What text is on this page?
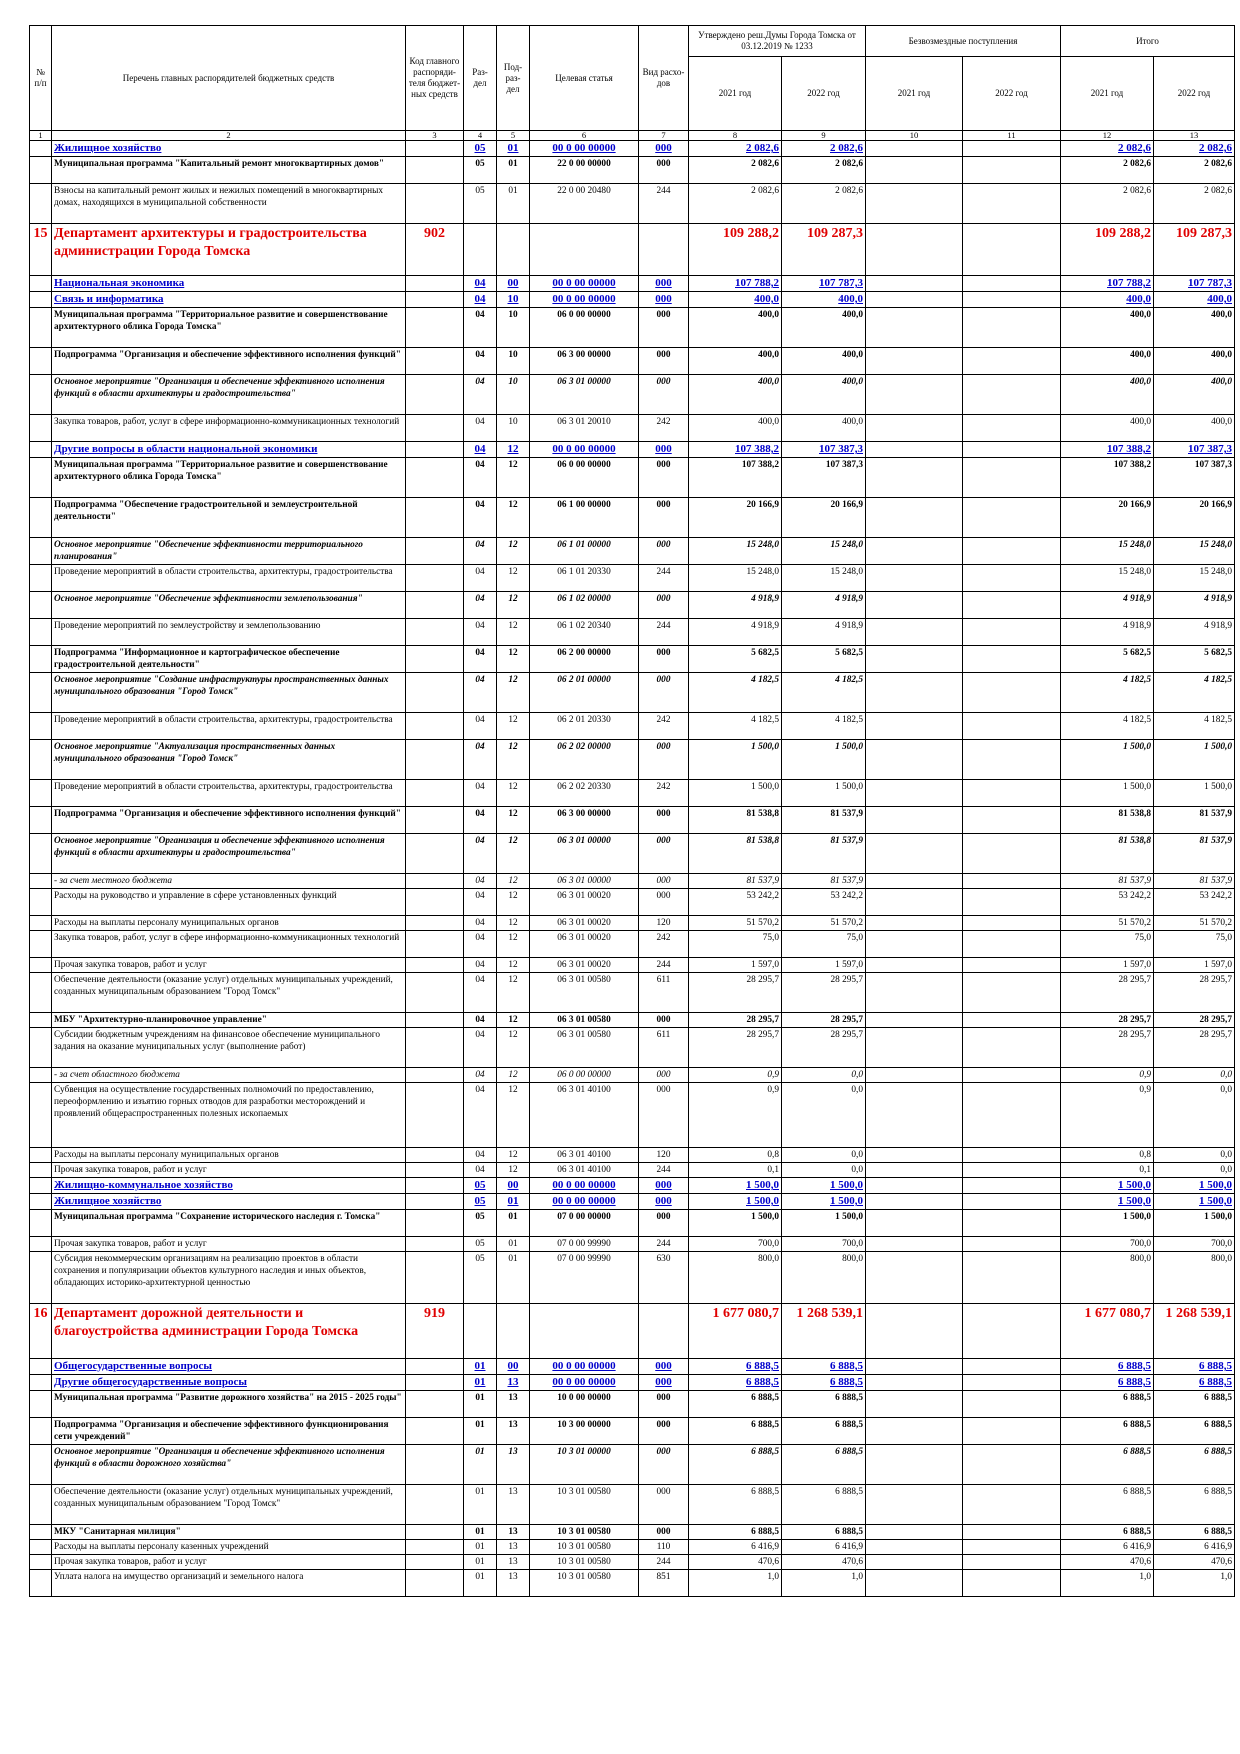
№ п/п	Перечень главных распорядителей бюджетных средств	Код главного распоряди-теля бюджет-ных средств	Раз-дел	Под-раз-дел	Целевая статья	Вид расхо-дов	Утверждено реш.Думы Города Томска от 03.12.2019 № 1233		Безвозмездные поступления		Итого	
							2021 год	2022 год	2021 год	2022 год	2021 год	2022 год
1	2	3	4	5	6	7	8	9	10	11	12	13
	Жилищное хозяйство		05	01	00 0 00 00000	000	2 082,6	2 082,6			2 082,6	2 082,6
	Муниципальная программа "Капитальный ремонт многоквартирных домов"		05	01	22 0 00 00000	000	2 082,6	2 082,6			2 082,6	2 082,6
	Взносы на капитальный ремонт жилых и нежилых помещений в многоквартирных домах, находящихся в муниципальной собственности		05	01	22 0 00 20480	244	2 082,6	2 082,6			2 082,6	2 082,6
15	Департамент архитектуры и градостроительства администрации Города Томска	902					109 288,2	109 287,3			109 288,2	109 287,3
	Национальная экономика		04	00	00 0 00 00000	000	107 788,2	107 787,3			107 788,2	107 787,3
	Связь и информатика		04	10	00 0 00 00000	000	400,0	400,0			400,0	400,0
	Муниципальная программа "Территориальное развитие и совершенствование архитектурного облика Города Томска"		04	10	06 0 00 00000	000	400,0	400,0			400,0	400,0
	Подпрограмма "Организация и обеспечение эффективного исполнения функций"		04	10	06 3 00 00000	000	400,0	400,0			400,0	400,0
	Основное мероприятие "Организация и обеспечение эффективного исполнения функций в области архитектуры и градостроительства"		04	10	06 3 01 00000	000	400,0	400,0			400,0	400,0
	Закупка товаров, работ, услуг в сфере информационно-коммуникационных технологий		04	10	06 3 01 20010	242	400,0	400,0			400,0	400,0
	Другие вопросы в области национальной экономики		04	12	00 0 00 00000	000	107 388,2	107 387,3			107 388,2	107 387,3
	Муниципальная программа "Территориальное развитие и совершенствование архитектурного облика Города Томска"		04	12	06 0 00 00000	000	107 388,2	107 387,3			107 388,2	107 387,3
	Подпрограмма "Обеспечение градостроительной и землеустроительной деятельности"		04	12	06 1 00 00000	000	20 166,9	20 166,9			20 166,9	20 166,9
	Основное мероприятие "Обеспечение эффективности территориального планирования"		04	12	06 1 01 00000	000	15 248,0	15 248,0			15 248,0	15 248,0
	Проведение мероприятий в области строительства, архитектуры, градостроительства		04	12	06 1 01 20330	244	15 248,0	15 248,0			15 248,0	15 248,0
	Основное мероприятие "Обеспечение эффективности землепользования"		04	12	06 1 02 00000	000	4 918,9	4 918,9			4 918,9	4 918,9
	Проведение мероприятий по землеустройству и землепользованию		04	12	06 1 02 20340	244	4 918,9	4 918,9			4 918,9	4 918,9
	Подпрограмма "Информационное и картографическое обеспечение градостроительной деятельности"		04	12	06 2 00 00000	000	5 682,5	5 682,5			5 682,5	5 682,5
	Основное мероприятие "Создание инфраструктуры пространственных данных муниципального образования "Город Томск"		04	12	06 2 01 00000	000	4 182,5	4 182,5			4 182,5	4 182,5
	Проведение мероприятий в области строительства, архитектуры, градостроительства		04	12	06 2 01 20330	242	4 182,5	4 182,5			4 182,5	4 182,5
	Основное мероприятие "Актуализация пространственных данных муниципального образования "Город Томск"		04	12	06 2 02 00000	000	1 500,0	1 500,0			1 500,0	1 500,0
	Проведение мероприятий в области строительства, архитектуры, градостроительства		04	12	06 2 02 20330	242	1 500,0	1 500,0			1 500,0	1 500,0
	Подпрограмма "Организация и обеспечение эффективного исполнения функций"		04	12	06 3 00 00000	000	81 538,8	81 537,9			81 538,8	81 537,9
	Основное мероприятие "Организация и обеспечение эффективного исполнения функций в области архитектуры и градостроительства"		04	12	06 3 01 00000	000	81 538,8	81 537,9			81 538,8	81 537,9
	- за счет местного бюджета		04	12	06 3 01 00000	000	81 537,9	81 537,9			81 537,9	81 537,9
	Расходы на руководство и управление в сфере установленных функций		04	12	06 3 01 00020	000	53 242,2	53 242,2			53 242,2	53 242,2
	Расходы на выплаты персоналу муниципальных органов		04	12	06 3 01 00020	120	51 570,2	51 570,2			51 570,2	51 570,2
	Закупка товаров, работ, услуг в сфере информационно-коммуникационных технологий		04	12	06 3 01 00020	242	75,0	75,0			75,0	75,0
	Прочая закупка товаров, работ и услуг		04	12	06 3 01 00020	244	1 597,0	1 597,0			1 597,0	1 597,0
	Обеспечение деятельности (оказание услуг) отдельных муниципальных учреждений, созданных муниципальным образованием "Город Томск"		04	12	06 3 01 00580	611	28 295,7	28 295,7			28 295,7	28 295,7
	МБУ "Архитектурно-планировочное управление"		04	12	06 3 01 00580	000	28 295,7	28 295,7			28 295,7	28 295,7
	Субсидии бюджетным учреждениям на финансовое обеспечение муниципального задания на оказание муниципальных услуг (выполнение работ)		04	12	06 3 01 00580	611	28 295,7	28 295,7			28 295,7	28 295,7
	- за счет областного бюджета		04	12	06 0 00 00000	000	0,9	0,0			0,9	0,0
	Субвенция на осуществление государственных полномочий по предоставлению, переоформлению и изъятию горных отводов для разработки месторождений и проявлений общераспространенных полезных ископаемых		04	12	06 3 01 40100	000	0,9	0,0			0,9	0,0
	Расходы на выплаты персоналу муниципальных органов		04	12	06 3 01 40100	120	0,8	0,0			0,8	0,0
	Прочая закупка товаров, работ и услуг		04	12	06 3 01 40100	244	0,1	0,0			0,1	0,0
	Жилищно-коммунальное хозяйство		05	00	00 0 00 00000	000	1 500,0	1 500,0			1 500,0	1 500,0
	Жилищное хозяйство		05	01	00 0 00 00000	000	1 500,0	1 500,0			1 500,0	1 500,0
	Муниципальная программа "Сохранение исторического наследия г. Томска"		05	01	07 0 00 00000	000	1 500,0	1 500,0			1 500,0	1 500,0
	Прочая закупка товаров, работ и услуг		05	01	07 0 00 99990	244	700,0	700,0			700,0	700,0
	Субсидия некоммерческим организациям на реализацию проектов в области сохранения и популяризации объектов культурного наследия и иных объектов, обладающих историко-архитектурной ценностью		05	01	07 0 00 99990	630	800,0	800,0			800,0	800,0
16	Департамент дорожной деятельности и благоустройства администрации Города Томска	919					1 677 080,7	1 268 539,1			1 677 080,7	1 268 539,1
	Общегосударственные вопросы		01	00	00 0 00 00000	000	6 888,5	6 888,5			6 888,5	6 888,5
	Другие общегосударственные вопросы		01	13	00 0 00 00000	000	6 888,5	6 888,5			6 888,5	6 888,5
	Муниципальная программа "Развитие дорожного хозяйства" на 2015 - 2025 годы"		01	13	10 0 00 00000	000	6 888,5	6 888,5			6 888,5	6 888,5
	Подпрограмма "Организация и обеспечение эффективного функционирования сети учреждений"		01	13	10 3 00 00000	000	6 888,5	6 888,5			6 888,5	6 888,5
	Основное мероприятие "Организация и обеспечение эффективного исполнения функций в области дорожного хозяйства"		01	13	10 3 01 00000	000	6 888,5	6 888,5			6 888,5	6 888,5
	Обеспечение деятельности (оказание услуг) отдельных муниципальных учреждений, созданных муниципальным образованием "Город Томск"		01	13	10 3 01 00580	000	6 888,5	6 888,5			6 888,5	6 888,5
	МКУ "Санитарная милиция"		01	13	10 3 01 00580	000	6 888,5	6 888,5			6 888,5	6 888,5
	Расходы на выплаты персоналу казенных учреждений		01	13	10 3 01 00580	110	6 416,9	6 416,9			6 416,9	6 416,9
	Прочая закупка товаров, работ и услуг		01	13	10 3 01 00580	244	470,6	470,6			470,6	470,6
	Уплата налога на имущество организаций и земельного налога		01	13	10 3 01 00580	851	1,0	1,0			1,0	1,0
